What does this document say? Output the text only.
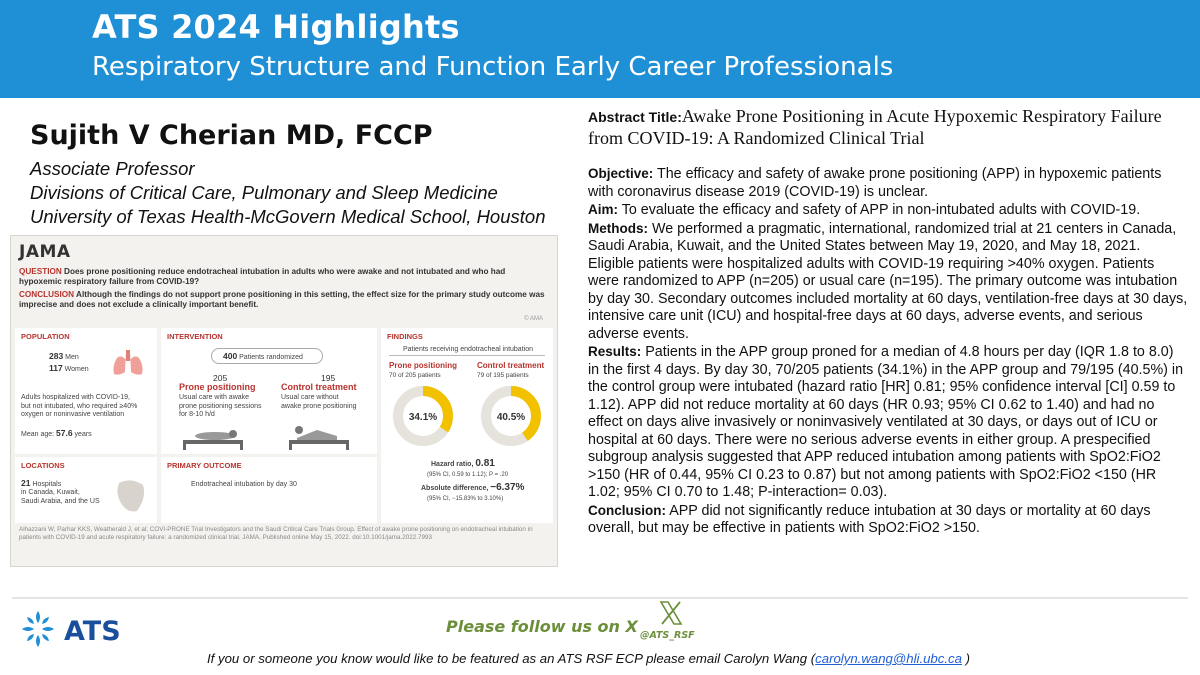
ATS 2024 Highlights
Respiratory Structure and Function Early Career Professionals
Sujith V Cherian MD, FCCP
Associate Professor
Divisions of Critical Care, Pulmonary and Sleep Medicine
University of Texas Health-McGovern Medical School, Houston
JAMA
QUESTION Does prone positioning reduce endotracheal intubation in adults who were awake and not intubated and who had hypoxemic respiratory failure from COVID-19?
CONCLUSION Although the findings do not support prone positioning in this setting, the effect size for the primary study outcome was imprecise and does not exclude a clinically important benefit.
© AMA
POPULATION
283 Men
117 Women
Adults hospitalized with COVID-19,
but not intubated, who required ≥40%
oxygen or noninvasive ventilation
Mean age: 57.6 years
LOCATIONS
21 Hospitals
in Canada, Kuwait,
Saudi Arabia, and the US
INTERVENTION
400 Patients randomized
205
Prone positioning
Usual care with awake
prone positioning sessions
for 8-10 h/d
195
Control treatment
Usual care without
awake prone positioning
PRIMARY OUTCOME
Endotracheal intubation by day 30
FINDINGS
Patients receiving endotracheal intubation
Prone positioning
70 of 205 patients
Control treatment
79 of 195 patients
34.1%	40.5%
Hazard ratio, 0.81
(95% CI, 0.59 to 1.12); P = .20
Absolute difference, −6.37%
(95% CI, −15.83% to 3.10%)
Alhazzani W, Parhar KKS, Weatherald J, et al; COVI-PRONE Trial Investigators and the Saudi Critical Care Trials Group. Effect of awake prone positioning on endotracheal intubation in patients with COVID-19 and acute respiratory failure: a randomized clinical trial. JAMA. Published online May 15, 2022. doi:10.1001/jama.2022.7993

Abstract Title:Awake Prone Positioning in Acute Hypoxemic Respiratory Failure from COVID-19: A Randomized Clinical Trial

Objective: The efficacy and safety of awake prone positioning (APP) in hypoxemic patients with coronavirus disease 2019 (COVID-19) is unclear.

Aim: To evaluate the efficacy and safety of APP in non-intubated adults with COVID-19.

Methods: We performed a pragmatic, international, randomized trial at 21 centers in Canada, Saudi Arabia, Kuwait, and the United States between May 19, 2020, and May 18, 2021. Eligible patients were hospitalized adults with COVID-19 requiring >40% oxygen. Patients were randomized to APP (n=205) or usual care (n=195). The primary outcome was intubation by day 30. Secondary outcomes included mortality at 60 days, ventilation-free days at 30 days, intensive care unit (ICU) and hospital-free days at 60 days, adverse events, and serious adverse events.

Results: Patients in the APP group proned for a median of 4.8 hours per day (IQR 1.8 to 8.0) in the first 4 days. By day 30, 70/205 patients (34.1%) in the APP group and 79/195 (40.5%) in the control group were intubated (hazard ratio [HR] 0.81; 95% confidence interval [CI] 0.59 to 1.12). APP did not reduce mortality at 60 days (HR 0.93; 95% CI 0.62 to 1.40) and had no effect on days alive invasively or noninvasively ventilated at 30 days, or days out of ICU or hospital at 60 days. There were no serious adverse events in either group. A prespecified subgroup analysis suggested that APP reduced intubation among patients with SpO2:FiO2 >150 (HR of 0.44, 95% CI 0.23 to 0.87) but not among patients with SpO2:FiO2 <150 (HR 1.02; 95% CI 0.70 to 1.48; P-interaction= 0.03).

Conclusion: APP did not significantly reduce intubation at 30 days or mortality at 60 days overall, but may be effective in patients with SpO2:FiO2 >150.

ATS	Please follow us on X @ATS_RSF
If you or someone you know would like to be featured as an ATS RSF ECP please email Carolyn Wang (carolyn.wang@hli.ubc.ca )
